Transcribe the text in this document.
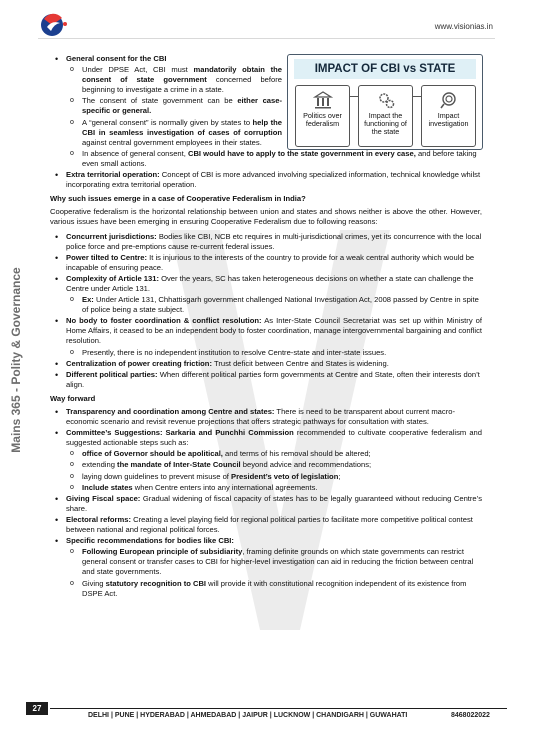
www.visionias.in
Mains 365 - Polity & Governance
IMPACT OF CBI vs STATE
Politics over federalism
Impact the functioning of the state
Impact investigation
• General consent for the CBI
o Under DPSE Act, CBI must mandatorily obtain the consent of state government concerned before beginning to investigate a crime in a state.
o The consent of state government can be either case-specific or general.
o A “general consent” is normally given by states to help the CBI in seamless investigation of cases of corruption against central government employees in their states.
o In absence of general consent, CBI would have to apply to the state government in every case, and before taking even small actions.
• Extra territorial operation: Concept of CBI is more advanced involving specialized information, technical knowledge whilst incorporating extra territorial operation.
Why such issues emerge in a case of Cooperative Federalism in India?
Cooperative federalism is the horizontal relationship between union and states and shows neither is above the other. However, various issues have been emerging in ensuring Cooperative Federalism due to following reasons:
• Concurrent jurisdictions: Bodies like CBI, NCB etc requires in multi-jurisdictional crimes, yet its concurrence with the local police force and pre-emptions cause re-current federal issues.
• Power tilted to Centre: It is injurious to the interests of the country to provide for a weak central authority which would be incapable of ensuring peace.
• Complexity of Article 131: Over the years, SC has taken heterogeneous decisions on whether a state can challenge the Centre under Article 131.
o Ex: Under Article 131, Chhattisgarh government challenged National Investigation Act, 2008 passed by Centre in spite of police being a state subject.
• No body to foster coordination & conflict resolution: As Inter-State Council Secretariat was set up within Ministry of Home Affairs, it ceased to be an independent body to foster coordination, manage intergovernmental bargaining and conflict resolution.
o Presently, there is no independent institution to resolve Centre-state and inter-state issues.
• Centralization of power creating friction: Trust deficit between Centre and States is widening.
• Different political parties: When different political parties form governments at Centre and State, often their interests don’t align.
Way forward
• Transparency and coordination among Centre and states: There is need to be transparent about current macro-economic scenario and revisit revenue projections that offers strategic pathways for consultation with states.
• Committee’s Suggestions: Sarkaria and Punchhi Commission recommended to cultivate cooperative federalism and suggested actionable steps such as:
o office of Governor should be apolitical, and terms of his removal should be altered;
o extending the mandate of Inter-State Council beyond advice and recommendations;
o laying down guidelines to prevent misuse of President’s veto of legislation;
o Include states when Centre enters into any international agreements.
• Giving Fiscal space: Gradual widening of fiscal capacity of states has to be legally guaranteed without reducing Centre’s share.
• Electoral reforms: Creating a level playing field for regional political parties to facilitate more competitive political contest between national and regional political forces.
• Specific recommendations for bodies like CBI:
o Following European principle of subsidiarity, framing definite grounds on which state governments can restrict general consent or transfer cases to CBI for higher-level investigation can aid in reducing the friction between central and state governments.
o Giving statutory recognition to CBI will provide it with constitutional recognition independent of its existence from DSPE Act.
27
DELHI | PUNE | HYDERABAD | AHMEDABAD | JAIPUR | LUCKNOW | CHANDIGARH | GUWAHATI	8468022022
